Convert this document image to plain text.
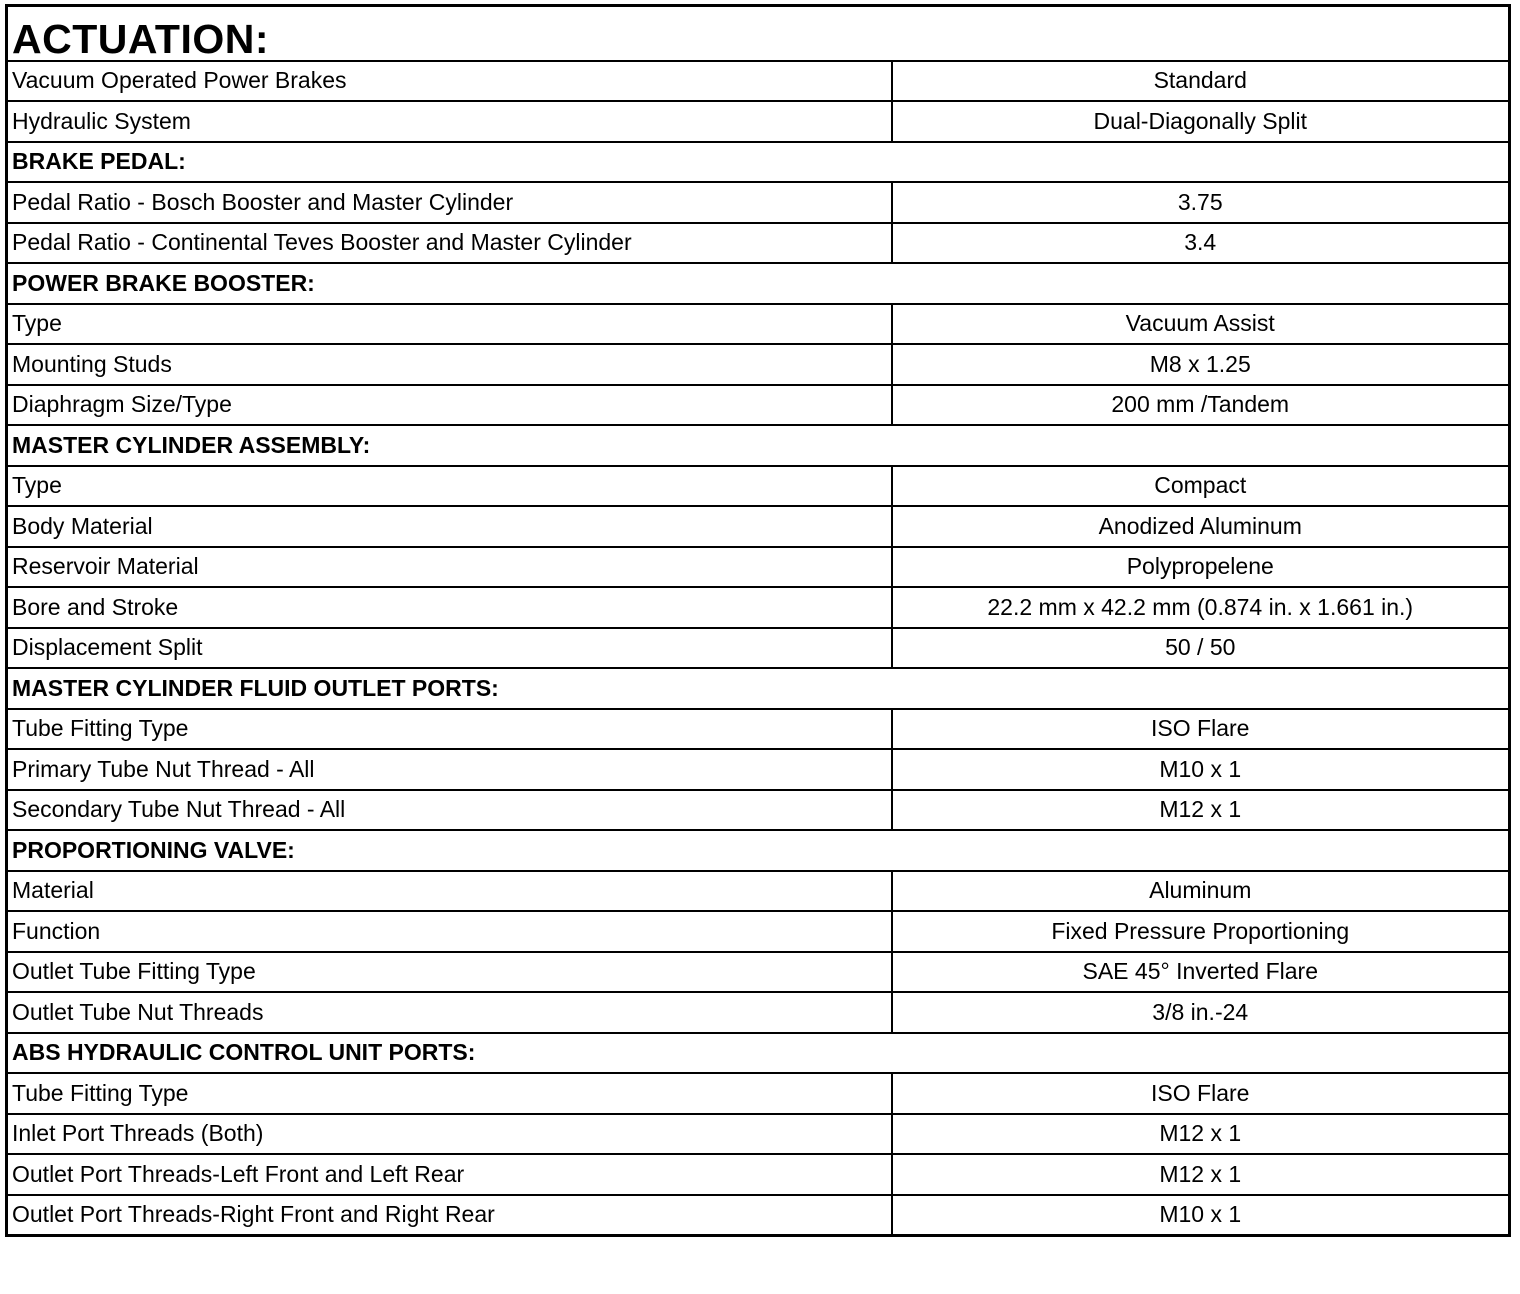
ACTUATION:	
Vacuum Operated Power Brakes	Standard
Hydraulic System	Dual-Diagonally Split
BRAKE PEDAL:	
Pedal Ratio - Bosch Booster and Master Cylinder	3.75
Pedal Ratio - Continental Teves Booster and Master Cylinder	3.4
POWER BRAKE BOOSTER:	
Type	Vacuum Assist
Mounting Studs	M8 x 1.25
Diaphragm Size/Type	200 mm /Tandem
MASTER CYLINDER ASSEMBLY:	
Type	Compact
Body Material	Anodized Aluminum
Reservoir Material	Polypropelene
Bore and Stroke	22.2 mm x 42.2 mm (0.874 in. x 1.661 in.)
Displacement Split	50 / 50
MASTER CYLINDER FLUID OUTLET PORTS:	
Tube Fitting Type	ISO Flare
Primary Tube Nut Thread - All	M10 x 1
Secondary Tube Nut Thread - All	M12 x 1
PROPORTIONING VALVE:	
Material	Aluminum
Function	Fixed Pressure Proportioning
Outlet Tube Fitting Type	SAE 45° Inverted Flare
Outlet Tube Nut Threads	3/8 in.-24
ABS HYDRAULIC CONTROL UNIT PORTS:	
Tube Fitting Type	ISO Flare
Inlet Port Threads (Both)	M12 x 1
Outlet Port Threads-Left Front and Left Rear	M12 x 1
Outlet Port Threads-Right Front and Right Rear	M10 x 1
